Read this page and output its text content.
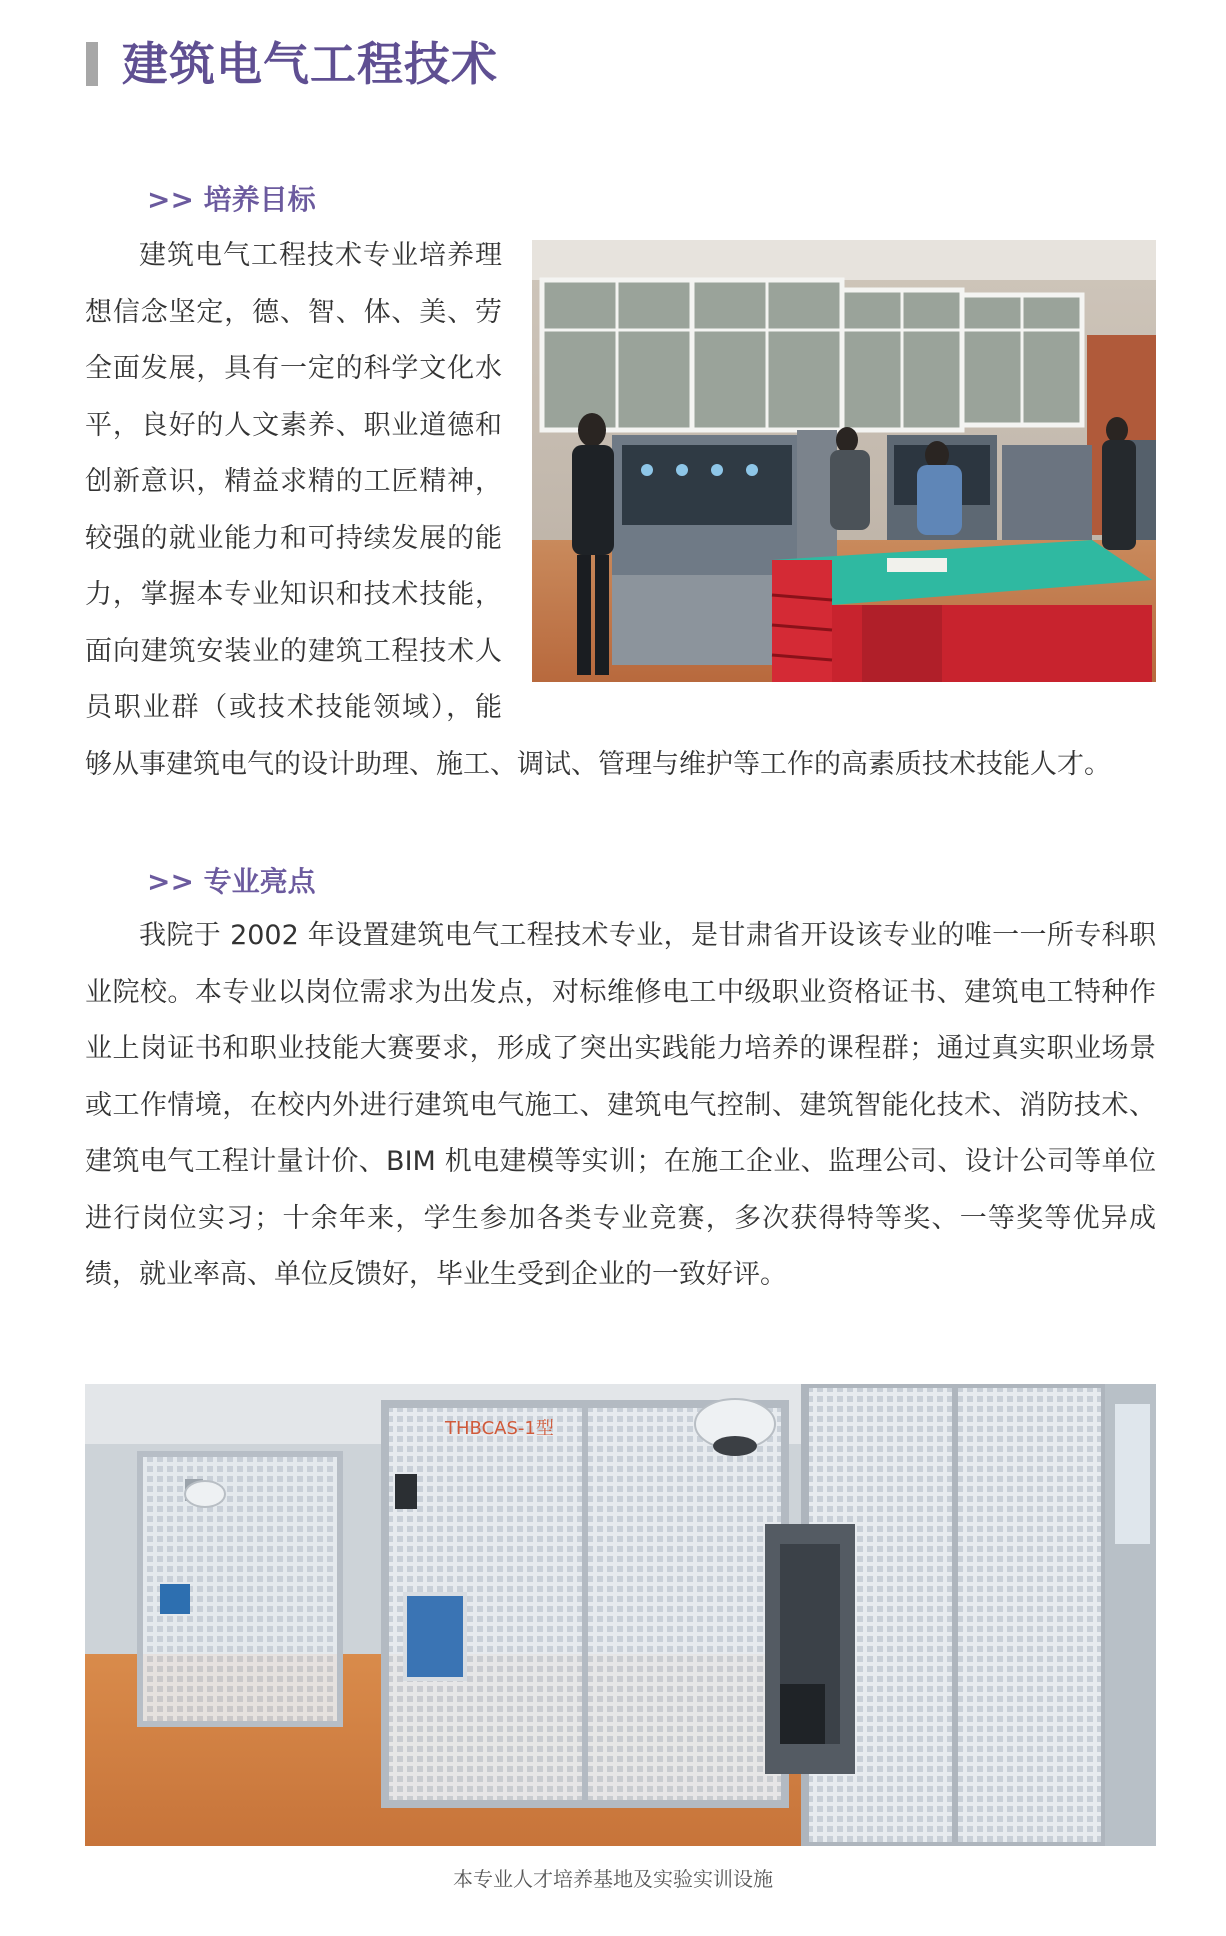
建筑电气工程技术
>> 培养目标

建筑电气工程技术专业培养理想信念坚定，德、智、体、美、劳全面发展，具有一定的科学文化水平，良好的人文素养、职业道德和创新意识，精益求精的工匠精神，较强的就业能力和可持续发展的能力，掌握本专业知识和技术技能，面向建筑安装业的建筑工程技术人员职业群（或技术技能领域），能够从事建筑电气的设计助理、施工、调试、管理与维护等工作的高素质技术技能人才。

>> 专业亮点

我院于 2002 年设置建筑电气工程技术专业，是甘肃省开设该专业的唯一一所专科职业院校。本专业以岗位需求为出发点，对标维修电工中级职业资格证书、建筑电工特种作业上岗证书和职业技能大赛要求，形成了突出实践能力培养的课程群；通过真实职业场景或工作情境，在校内外进行建筑电气施工、建筑电气控制、建筑智能化技术、消防技术、建筑电气工程计量计价、BIM 机电建模等实训；在施工企业、监理公司、设计公司等单位进行岗位实习；十余年来，学生参加各类专业竞赛，多次获得特等奖、一等奖等优异成绩，就业率高、单位反馈好，毕业生受到企业的一致好评。

THBCAS-1型
本专业人才培养基地及实验实训设施
